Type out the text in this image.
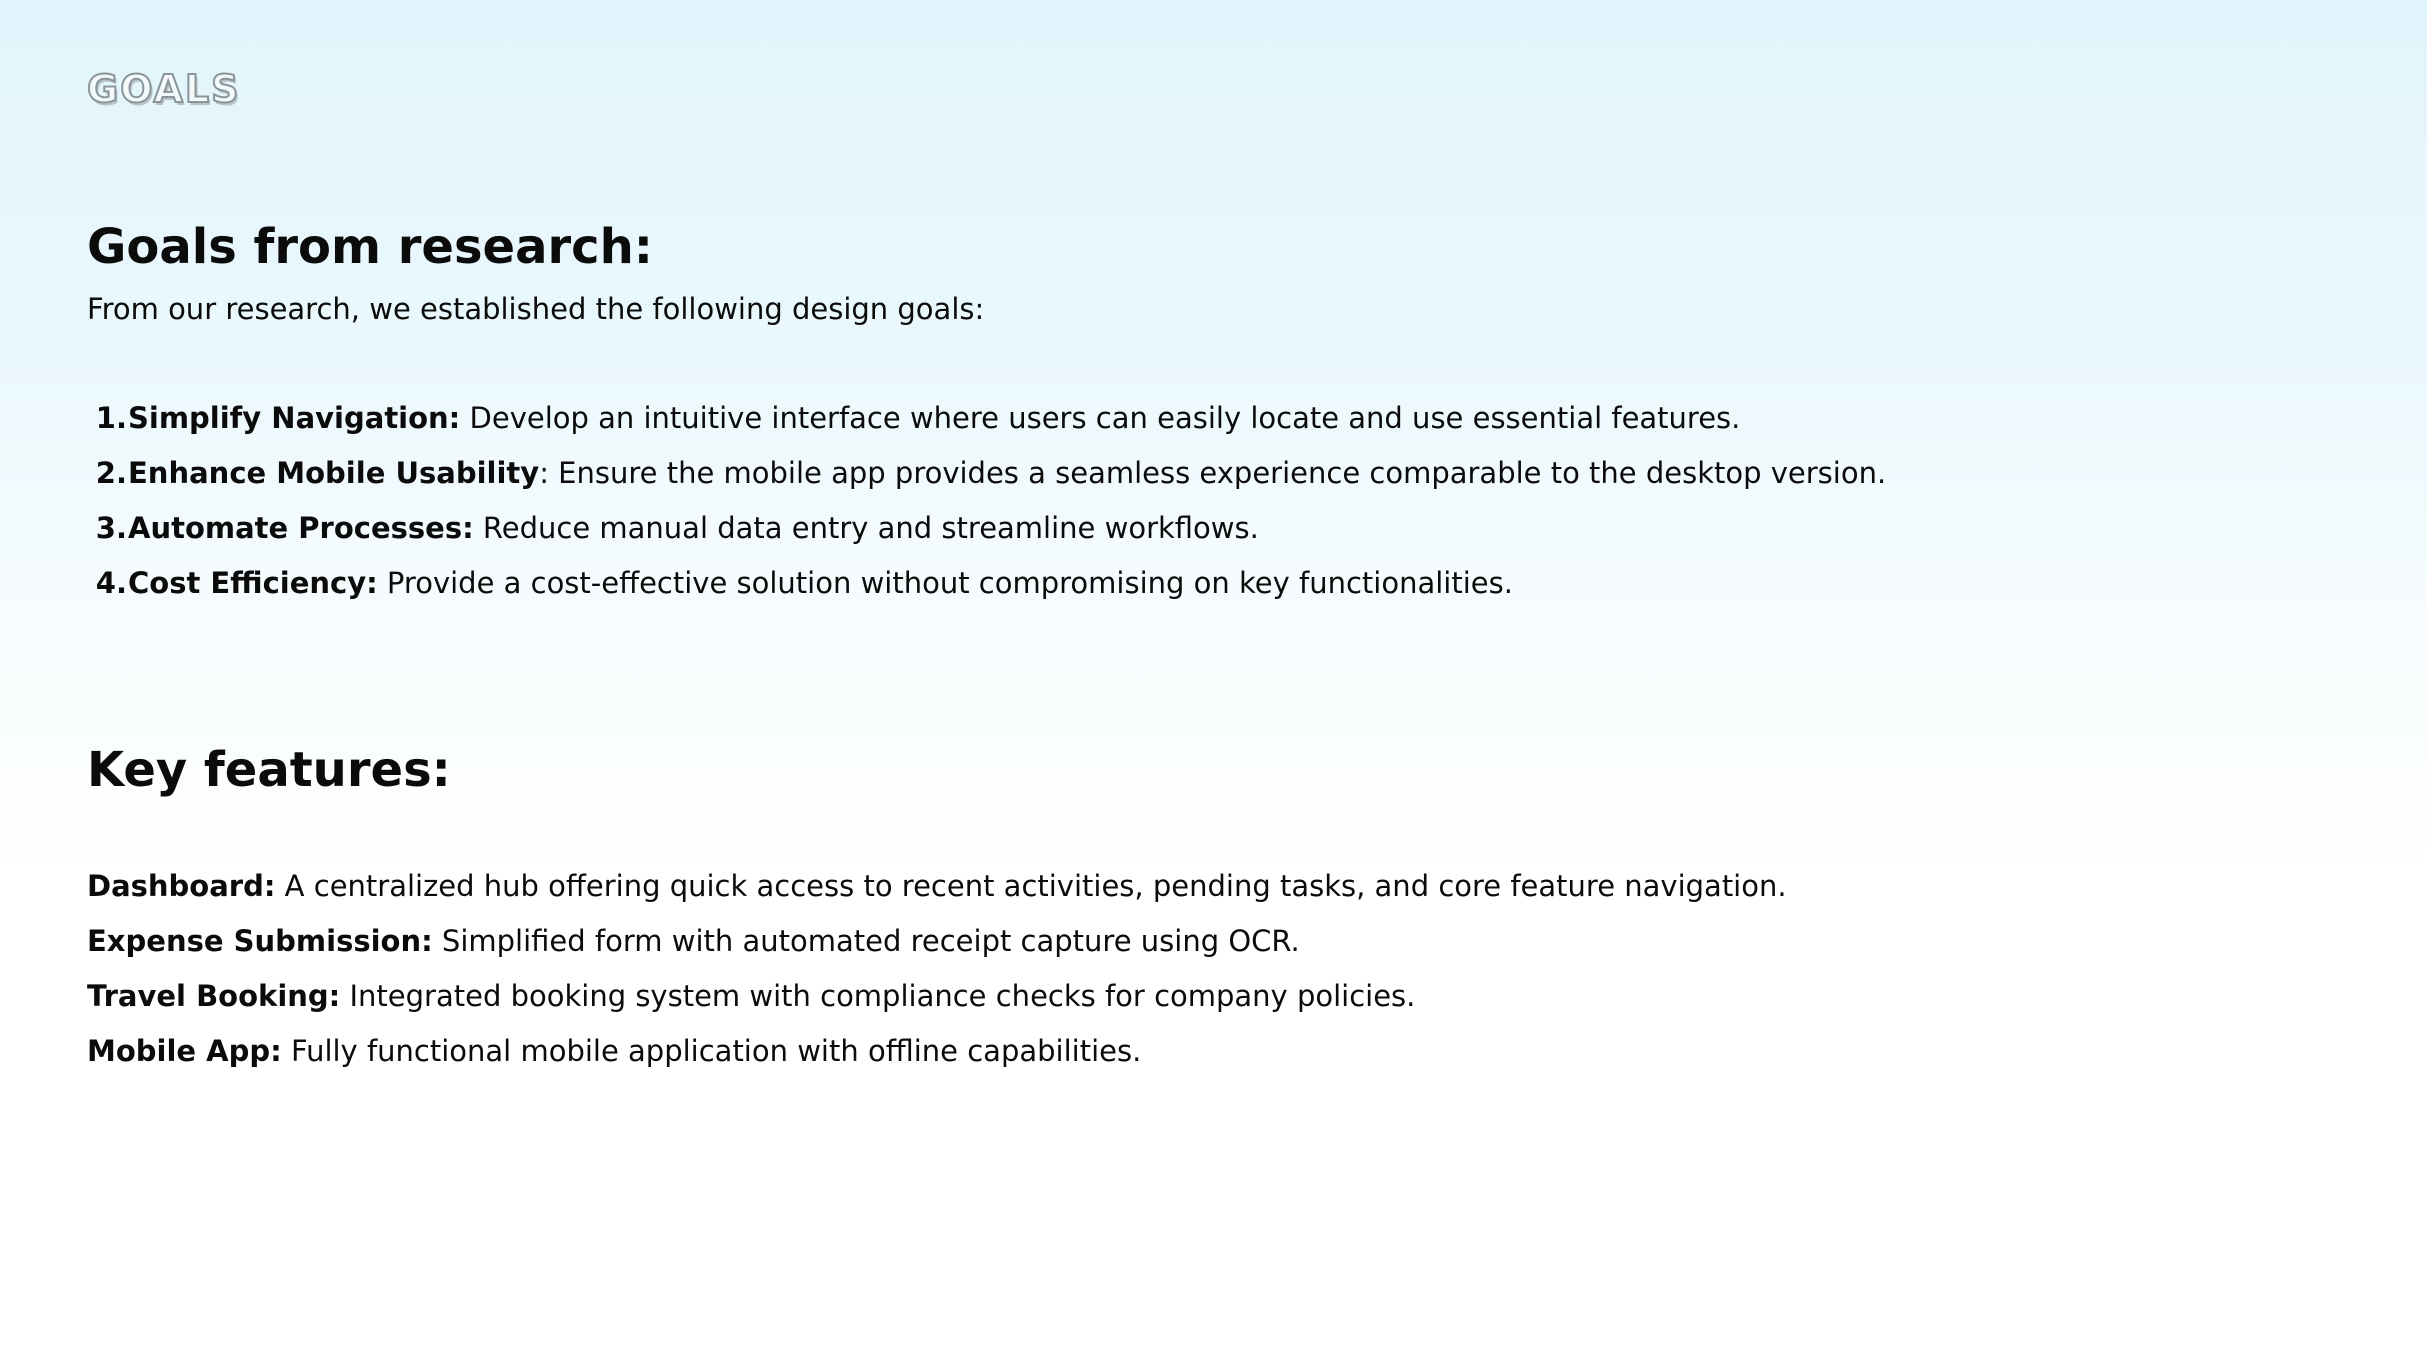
GOALS
Goals from research:

From our research, we established the following design goals:

1. Simplify Navigation: Develop an intuitive interface where users can easily locate and use essential features.
2. Enhance Mobile Usability: Ensure the mobile app provides a seamless experience comparable to the desktop version.
3. Automate Processes: Reduce manual data entry and streamline workflows.
4. Cost Efficiency: Provide a cost-effective solution without compromising on key functionalities.
Key features:
Dashboard: A centralized hub offering quick access to recent activities, pending tasks, and core feature navigation.
Expense Submission: Simplified form with automated receipt capture using OCR.
Travel Booking: Integrated booking system with compliance checks for company policies.
Mobile App: Fully functional mobile application with offline capabilities.
